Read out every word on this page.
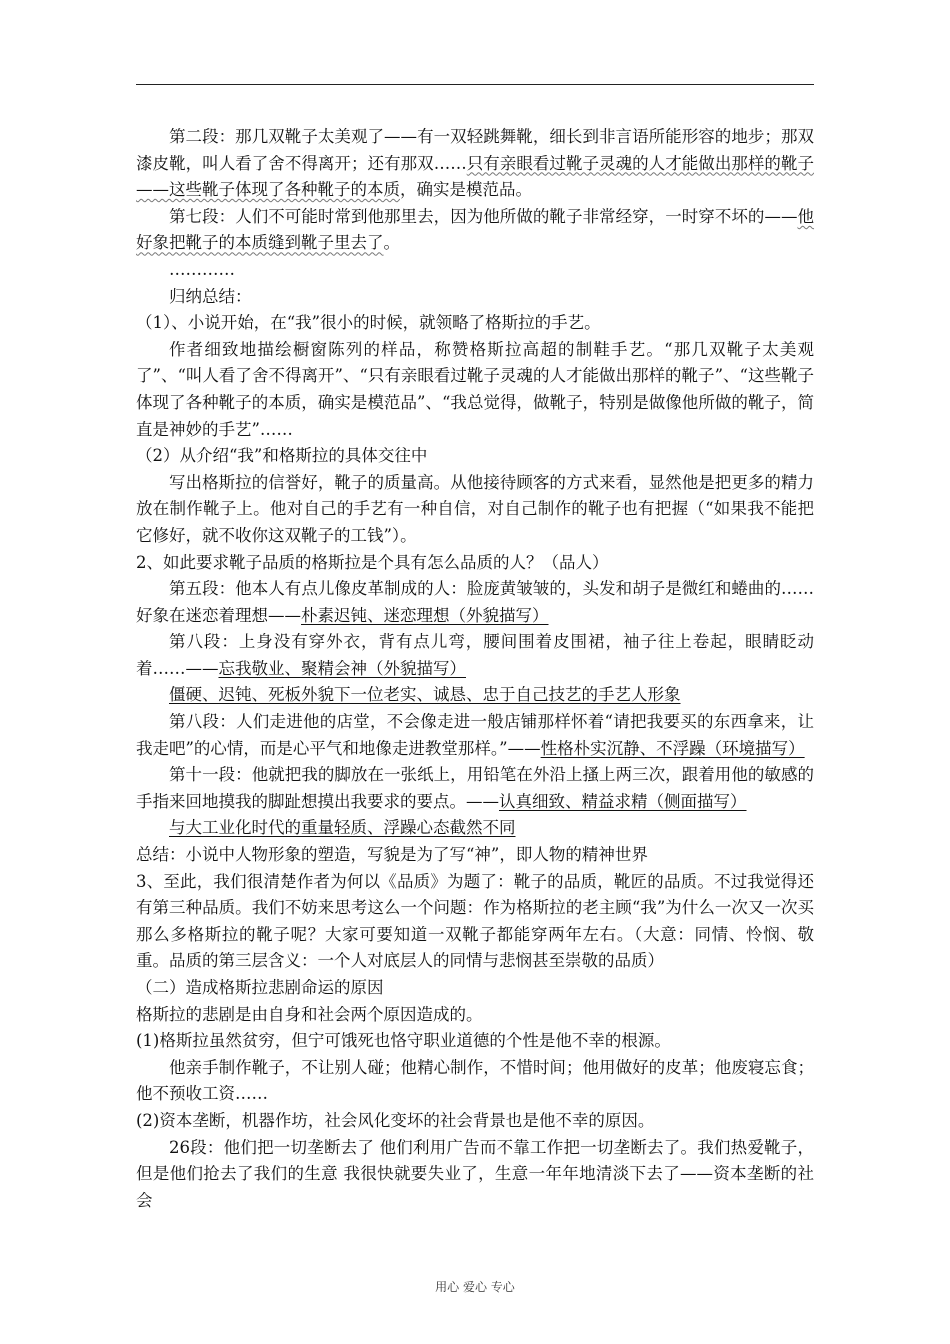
第二段：那几双靴子太美观了——有一双轻跳舞靴，细长到非言语所能形容的地步；那双漆皮靴，叫人看了舍不得离开；还有那双……只有亲眼看过靴子灵魂的人才能做出那样的靴子——这些靴子体现了各种靴子的本质，确实是模范品。

第七段：人们不可能时常到他那里去，因为他所做的靴子非常经穿，一时穿不坏的——他好象把靴子的本质缝到靴子里去了。

…………

归纳总结：

（1）、小说开始，在“我”很小的时候，就领略了格斯拉的手艺。

作者细致地描绘橱窗陈列的样品，称赞格斯拉高超的制鞋手艺。“那几双靴子太美观了”、“叫人看了舍不得离开”、“只有亲眼看过靴子灵魂的人才能做出那样的靴子”、“这些靴子体现了各种靴子的本质，确实是模范品”、“我总觉得，做靴子，特别是做像他所做的靴子，简直是神妙的手艺”……

（2）从介绍“我”和格斯拉的具体交往中

写出格斯拉的信誉好，靴子的质量高。从他接待顾客的方式来看，显然他是把更多的精力放在制作靴子上。他对自己的手艺有一种自信，对自己制作的靴子也有把握（“如果我不能把它修好，就不收你这双靴子的工钱”）。

2、如此要求靴子品质的格斯拉是个具有怎么品质的人？（品人）

第五段：他本人有点儿像皮革制成的人：脸庞黄皱皱的，头发和胡子是微红和蜷曲的……好象在迷恋着理想——朴素迟钝、迷恋理想（外貌描写）

第八段：上身没有穿外衣，背有点儿弯，腰间围着皮围裙，袖子往上卷起，眼睛眨动着……——忘我敬业、聚精会神（外貌描写）

僵硬、迟钝、死板外貌下一位老实、诚恳、忠于自己技艺的手艺人形象

第八段：人们走进他的店堂，不会像走进一般店铺那样怀着“请把我要买的东西拿来，让我走吧”的心情，而是心平气和地像走进教堂那样。”——性格朴实沉静、不浮躁（环境描写）

第十一段：他就把我的脚放在一张纸上，用铅笔在外沿上搔上两三次，跟着用他的敏感的手指来回地摸我的脚趾想摸出我要求的要点。——认真细致、精益求精（侧面描写）

与大工业化时代的重量轻质、浮躁心态截然不同

总结：小说中人物形象的塑造，写貌是为了写“神”，即人物的精神世界

3、至此，我们很清楚作者为何以《品质》为题了：靴子的品质，靴匠的品质。不过我觉得还有第三种品质。我们不妨来思考这么一个问题：作为格斯拉的老主顾“我”为什么一次又一次买那么多格斯拉的靴子呢？大家可要知道一双靴子都能穿两年左右。（大意：同情、怜悯、敬重。品质的第三层含义：一个人对底层人的同情与悲悯甚至崇敬的品质）

（二）造成格斯拉悲剧命运的原因

格斯拉的悲剧是由自身和社会两个原因造成的。

(1)格斯拉虽然贫穷，但宁可饿死也恪守职业道德的个性是他不幸的根源。

他亲手制作靴子，不让别人碰；他精心制作，不惜时间；他用做好的皮革；他废寝忘食；他不预收工资……

(2)资本垄断，机器作坊，社会风化变坏的社会背景也是他不幸的原因。

26段：他们把一切垄断去了 他们利用广告而不靠工作把一切垄断去了。我们热爱靴子，但是他们抢去了我们的生意 我很快就要失业了，生意一年年地清淡下去了——资本垄断的社会

用心 爱心 专心
